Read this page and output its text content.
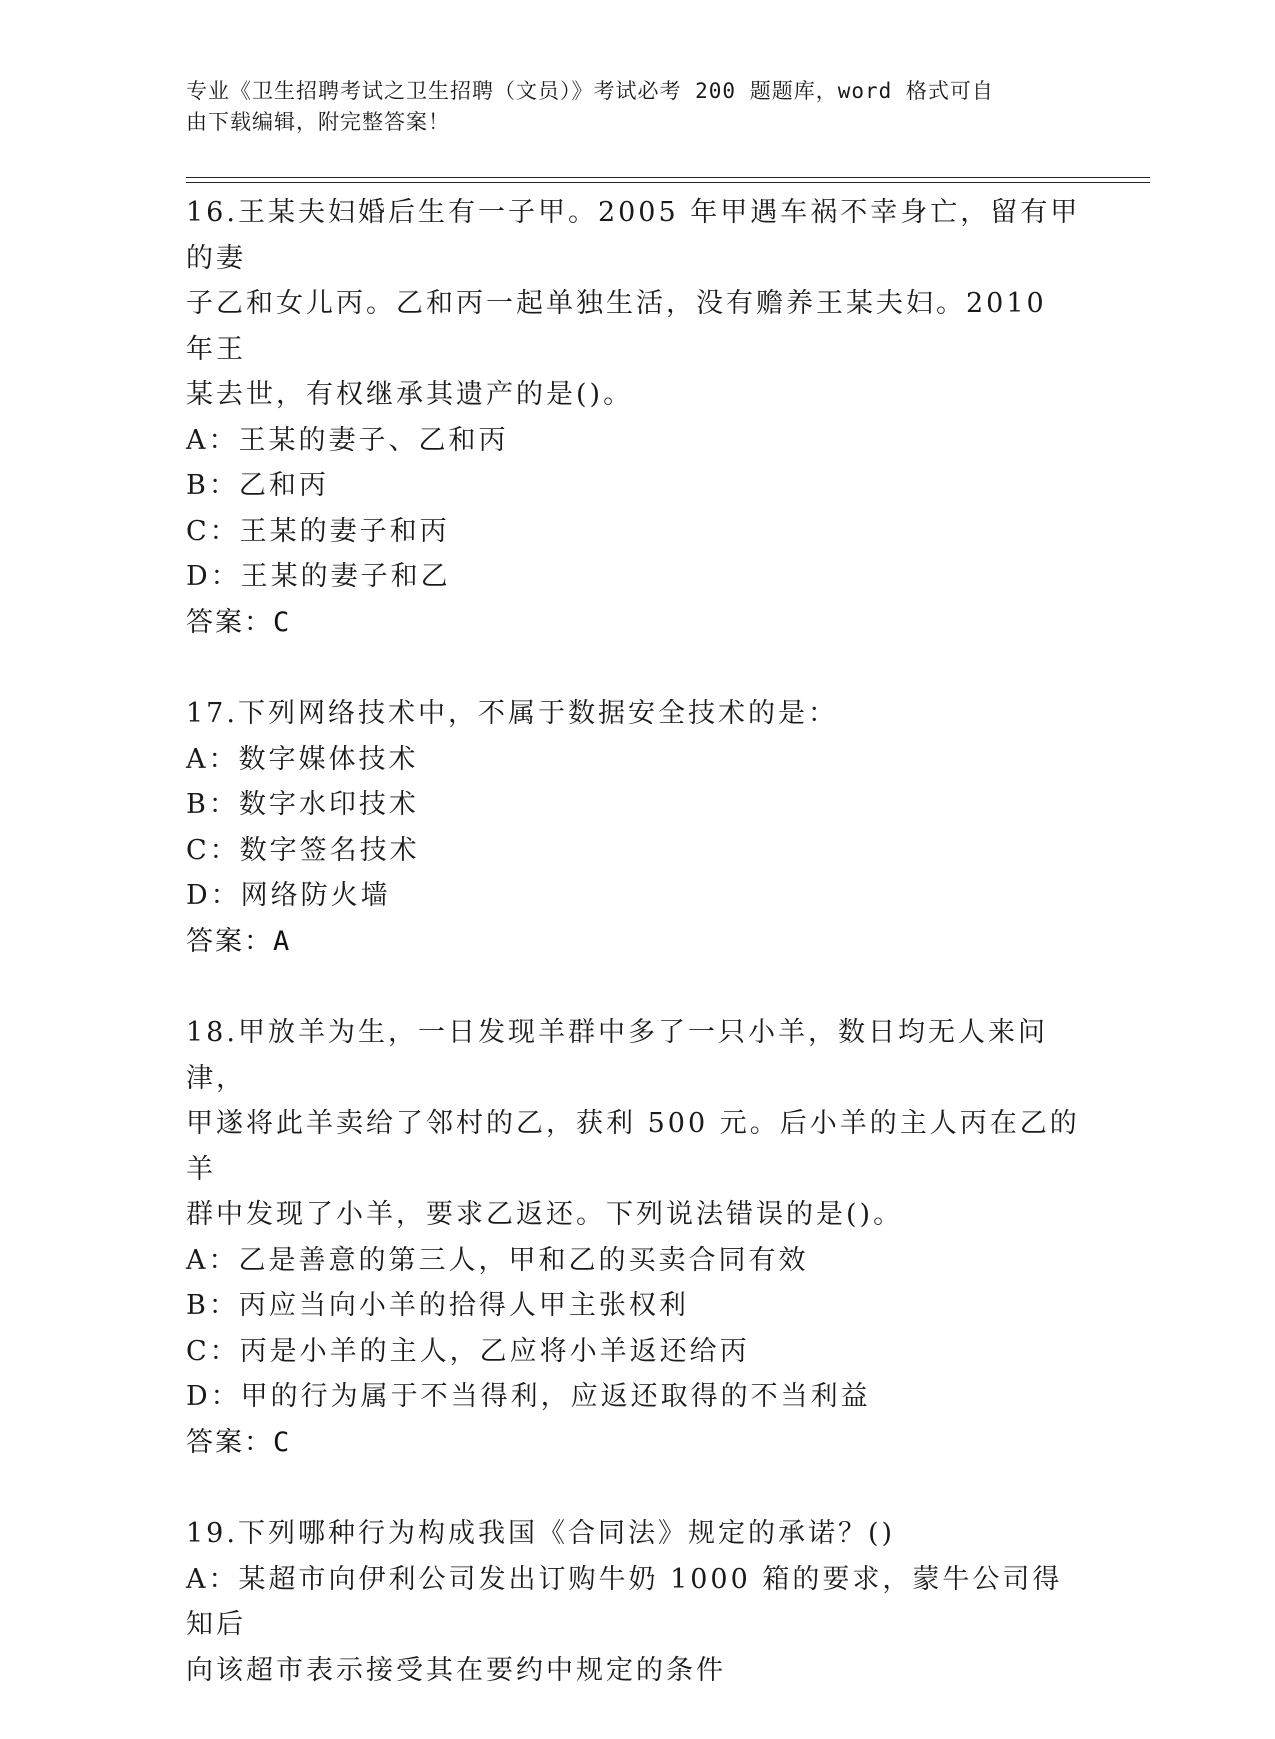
专业《卫生招聘考试之卫生招聘（文员）》考试必考 200 题题库，word 格式可自
由下载编辑，附完整答案！

16.王某夫妇婚后生有一子甲。2005 年甲遇车祸不幸身亡，留有甲的妻

子乙和女儿丙。乙和丙一起单独生活，没有赡养王某夫妇。2010 年王

某去世，有权继承其遗产的是()。

A：王某的妻子、乙和丙

B：乙和丙

C：王某的妻子和丙

D：王某的妻子和乙

答案：C

17.下列网络技术中，不属于数据安全技术的是：

A：数字媒体技术

B：数字水印技术

C：数字签名技术

D：网络防火墙

答案：A

18.甲放羊为生，一日发现羊群中多了一只小羊，数日均无人来问津，

甲遂将此羊卖给了邻村的乙，获利 500 元。后小羊的主人丙在乙的羊

群中发现了小羊，要求乙返还。下列说法错误的是()。

A：乙是善意的第三人，甲和乙的买卖合同有效

B：丙应当向小羊的拾得人甲主张权利

C：丙是小羊的主人，乙应将小羊返还给丙

D：甲的行为属于不当得利，应返还取得的不当利益

答案：C

19.下列哪种行为构成我国《合同法》规定的承诺？()

A：某超市向伊利公司发出订购牛奶 1000 箱的要求，蒙牛公司得知后

向该超市表示接受其在要约中规定的条件
